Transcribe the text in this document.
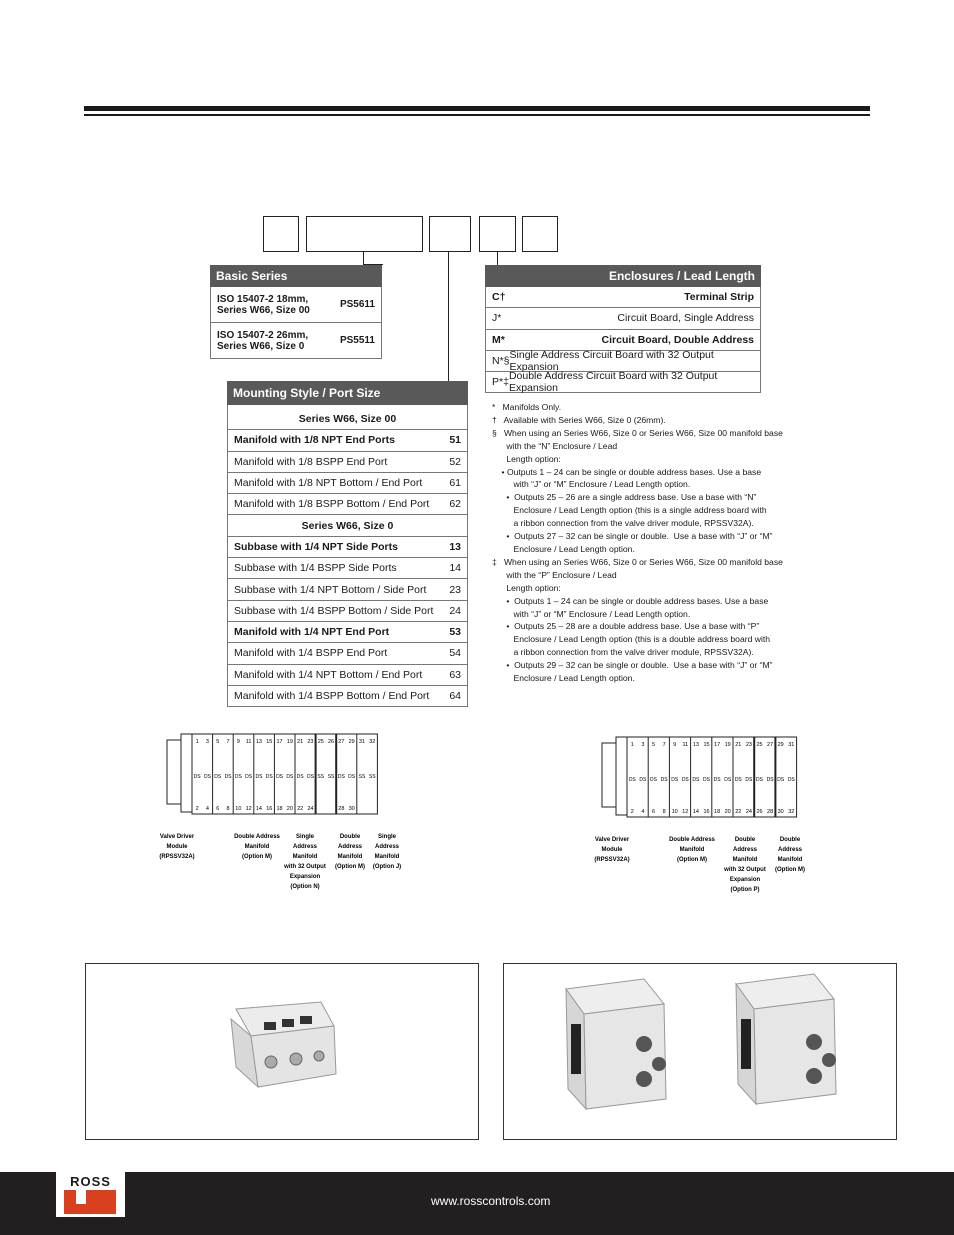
Basic Series
ISO 15407-2 18mm,
Series W66, Size 00	PS5611
ISO 15407-2 26mm,
Series W66, Size 0	PS5511
Mounting Style / Port Size
Series W66, Size 00
Manifold with 1/8 NPT End Ports	51
Manifold with 1/8 BSPP End Port	52
Manifold with 1/8 NPT Bottom / End Port	61
Manifold with 1/8 BSPP Bottom / End Port 62
Series W66, Size 0
Subbase with 1/4 NPT Side Ports	13
Subbase with 1/4 BSPP Side Ports	14
Subbase with 1/4 NPT Bottom / Side Port 23
Subbase with 1/4 BSPP Bottom / Side Port 24
Manifold with 1/4 NPT End Port	53
Manifold with 1/4 BSPP End Port	54
Manifold with 1/4 NPT Bottom / End Port	63
Manifold with 1/4 BSPP Bottom / End Port 64
Enclosures / Lead Length
C†	Terminal Strip
J*	Circuit Board, Single Address
M*	Circuit Board, Double Address
N*§ Single Address Circuit Board with 32 Output Expansion
P*‡ Double Address Circuit Board with 32 Output Expansion

*   Manifolds Only.

†   Available with Series W66, Size 0 (26mm).

§   When using an Series W66, Size 0 or Series W66, Size 00 manifold base

with the “N” Enclosure / Lead

Length option:

• Outputs 1 – 24 can be single or double address bases. Use a base

with “J” or “M” Enclosure / Lead Length option.

•  Outputs 25 – 26 are a single address base. Use a base with “N”

Enclosure / Lead Length option (this is a single address board with

a ribbon connection from the valve driver module, RPSSV32A).

•  Outputs 27 – 32 can be single or double.  Use a base with “J” or “M”

Enclosure / Lead Length option.

‡   When using an Series W66, Size 0 or Series W66, Size 00 manifold base

with the “P” Enclosure / Lead

Length option:

•  Outputs 1 – 24 can be single or double address bases. Use a base

with “J” or “M” Enclosure / Lead Length option.

•  Outputs 25 – 28 are a double address base. Use a base with “P”

Enclosure / Lead Length option (this is a double address board with

a ribbon connection from the valve driver module, RPSSV32A).

•  Outputs 29 – 32 can be single or double.  Use a base with “J” or “M”

Enclosure / Lead Length option.

1
DS
2
3
DS
4
5
DS
6
7
DS
8
9
DS
10
11
DS
12
13
DS
14
15
DS
16
17
DS
18
19
DS
20
21
DS
22
23
DS
24
25
SS
26
SS
27
DS
28
29
DS
30
31
SS
32
SS
Valve Driver Module (RPSSV32A)
Double Address Manifold (Option M)
Single Address Manifold with 32 Output Expansion (Option N)
Double Address Manifold (Option M)
Single Address Manifold (Option J)
1
DS
2
3
DS
4
5
DS
6
7
DS
8
9
DS
10
11
DS
12
13
DS
14
15
DS
16
17
DS
18
19
DS
20
21
DS
22
23
DS
24
25
DS
26
27
DS
28
29
DS
30
31
DS
32
Valve Driver Module (RPSSV32A)
Double Address Manifold (Option M)
Double Address Manifold with 32 Output Expansion (Option P)
Double Address Manifold (Option M)
ROSS
www.rosscontrols.com
